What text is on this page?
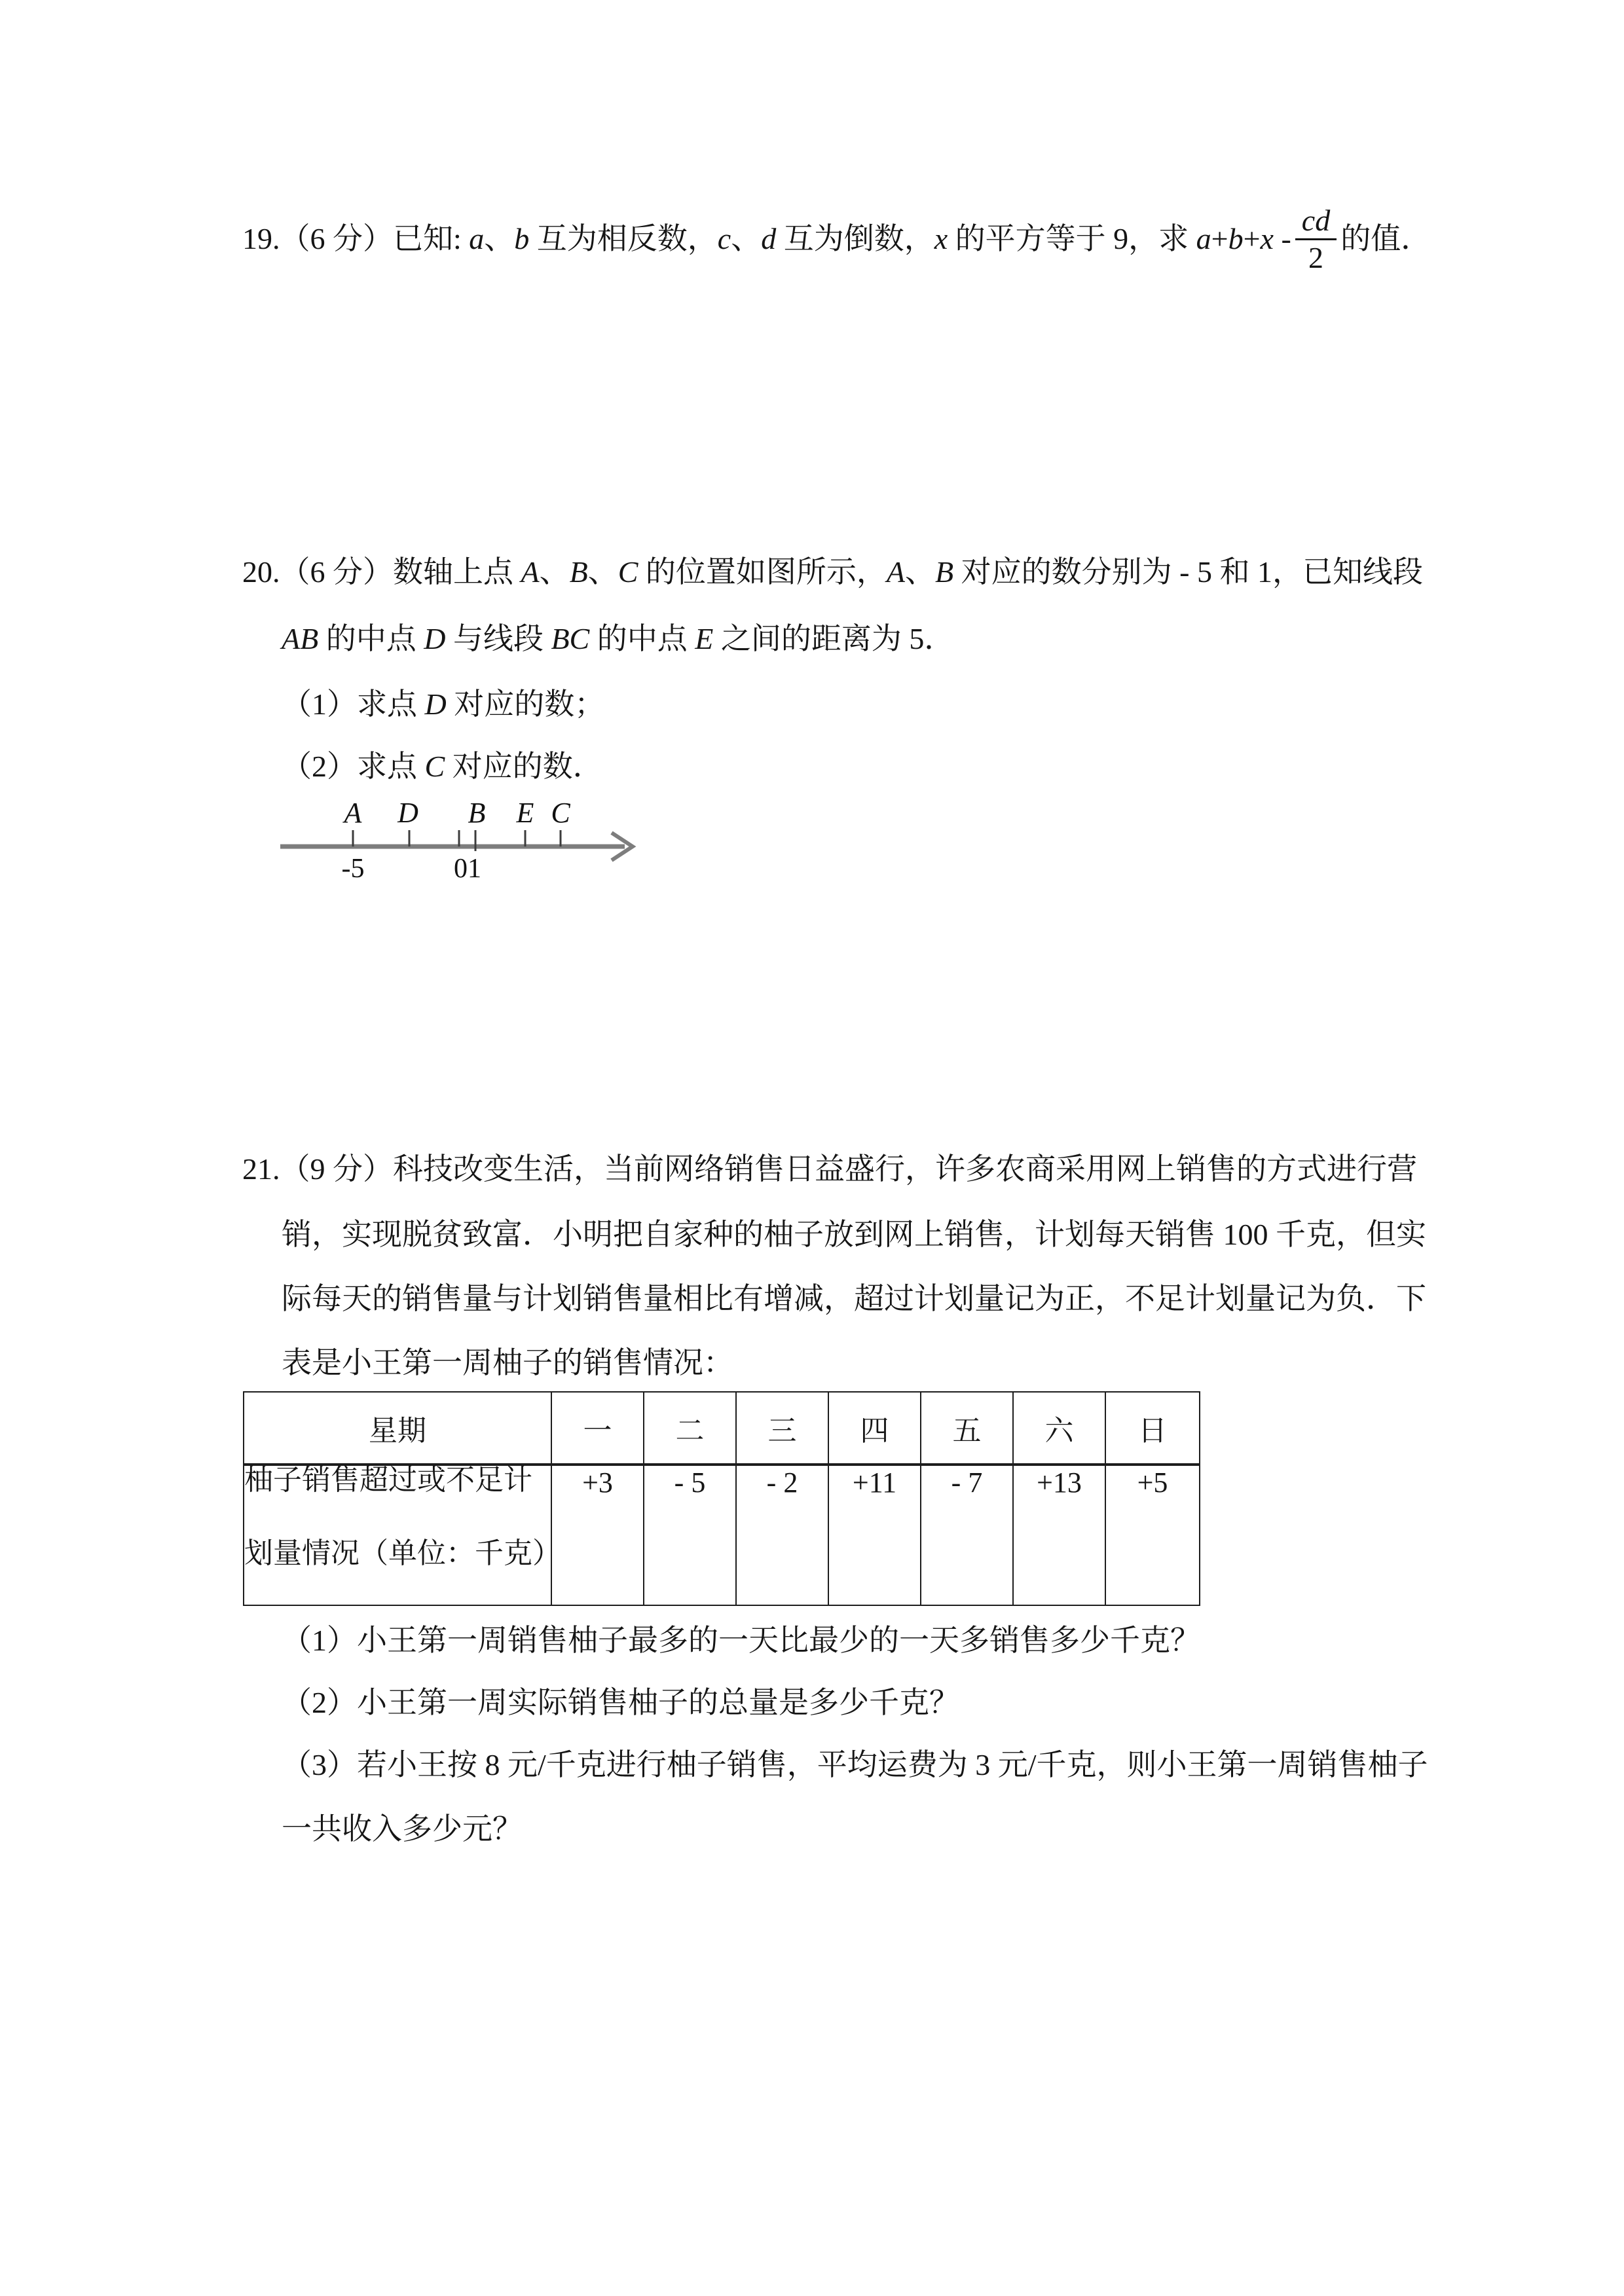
19.（6 分）已知: a、b 互为相反数，c、d 互为倒数，x 的平方等于 9，求 $a+b+x - \frac{cd}{2}$ 的值．
20.（6 分）数轴上点 A、B、C 的位置如图所示，A、B 对应的数分别为 - 5 和 1，已知线段
AB 的中点 D 与线段 BC 的中点 E 之间的距离为 5．
（1）求点 D 对应的数；
（2）求点 C 对应的数．
A D B E C
-5	01
21.（9 分）科技改变生活，当前网络销售日益盛行，许多农商采用网上销售的方式进行营
销，实现脱贫致富．小明把自家种的柚子放到网上销售，计划每天销售 100 千克，但实
际每天的销售量与计划销售量相比有增减，超过计划量记为正，不足计划量记为负．下
表是小王第一周柚子的销售情况：
星期	一	二	三	四	五	六	日

柚子销售超过或不足计
划量情况（单位：千克）	+3	- 5	- 2	+11	- 7	+13	+5
（1）小王第一周销售柚子最多的一天比最少的一天多销售多少千克？
（2）小王第一周实际销售柚子的总量是多少千克？
（3）若小王按 8 元/千克进行柚子销售，平均运费为 3 元/千克，则小王第一周销售柚子
一共收入多少元？
